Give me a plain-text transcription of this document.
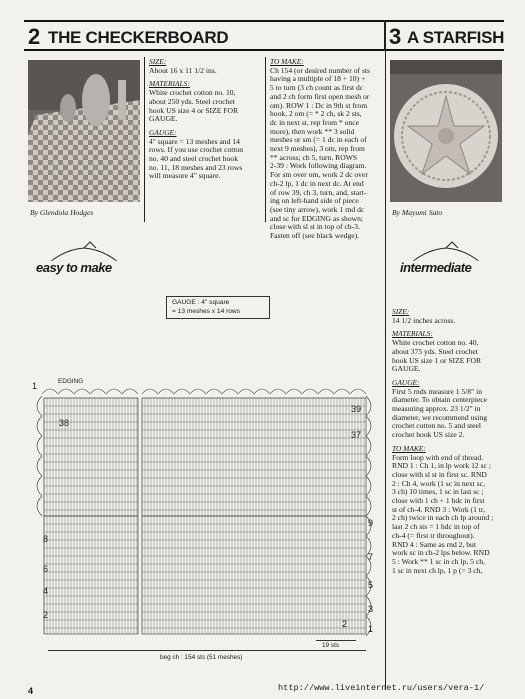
2 THE CHECKERBOARD	3 A STARFISH
By Glendola Hodges
easy to make
SIZE:
About 16 x 11 1/2 ins.
MATERIALS:
White crochet cotton no. 10,
about 250 yds. Steel crochet
hook US size 4 or SIZE FOR
GAUGE.
GAUGE:
4" square = 13 meshes and 14
rows. If you use crochet cotton
no. 40 and steel crochet hook
no. 11, 18 meshes and 23 rows
will measure 4" square.
TO MAKE:
Ch 154 (or desired number of sts
having a multiple of 18 + 10) +
5 to turn (3 ch count as first dc
and 2 ch form first open mesh or
om). ROW 1 : Dc in 9th st from
hook, 2 om (= * 2 ch, sk 2 sts,
dc in next st, rep from * once
more), then work ** 3 solid
meshes or sm (= 1 dc in each of
next 9 meshes), 3 om, rep from
** across; ch 5, turn. ROWS
2-39 : Work following diagram.
For sm over om, work 2 dc over
ch-2 lp, 1 dc in next dc. At end
of row 39, ch 3, turn, and, start-
ing on left-hand side of piece
(see tiny arrow), work 1 rnd dc
and sc for EDGING as shown;
close with sl st in top of ch-3.
Fasten off (see black wedge).
By Mayumi Sato
intermediate
SIZE:
14 1/2 inches across.
MATERIALS:
White crochet cotton no. 40,
about 375 yds. Steel crochet
hook US size 1 or SIZE FOR
GAUGE.
GAUGE:
First 5 rnds measure 1 5/8" in
diameter. To obtain centerpiece
measuring approx. 23 1/2" in
diameter, we recommend using
crochet cotton no. 5 and steel
crochet hook US size 2.
TO MAKE:
Form loop with end of thread.
RND 1 : Ch 1, in lp work 12 sc ;
close with sl st in first sc. RND
2 : Ch 4, work (1 sc in next sc,
3 ch) 10 times, 1 sc in last sc ;
close with 1 ch + 1 hdc in first
st of ch-4. RND 3 : Work (1 tr,
2 ch) twice in each ch lp around ;
last 2 ch sts = 1 hdc in top of
ch-4 (= first tr throughout).
RND 4 : Same as rnd 2, but
work sc in ch-2 lps below. RND
5 : Work ** 1 sc in ch lp, 5 ch,
1 sc in next ch lp, 1 p (= 3 ch,
GAUGE : 4" square
= 13 meshes x 14 rows
EDGING
1
39
37
9
7
5
3
1
2
38
8
6
4
2
19 sts
beg ch : 154 sts (51 meshes)
4	http://www.liveinternet.ru/users/vera-1/
